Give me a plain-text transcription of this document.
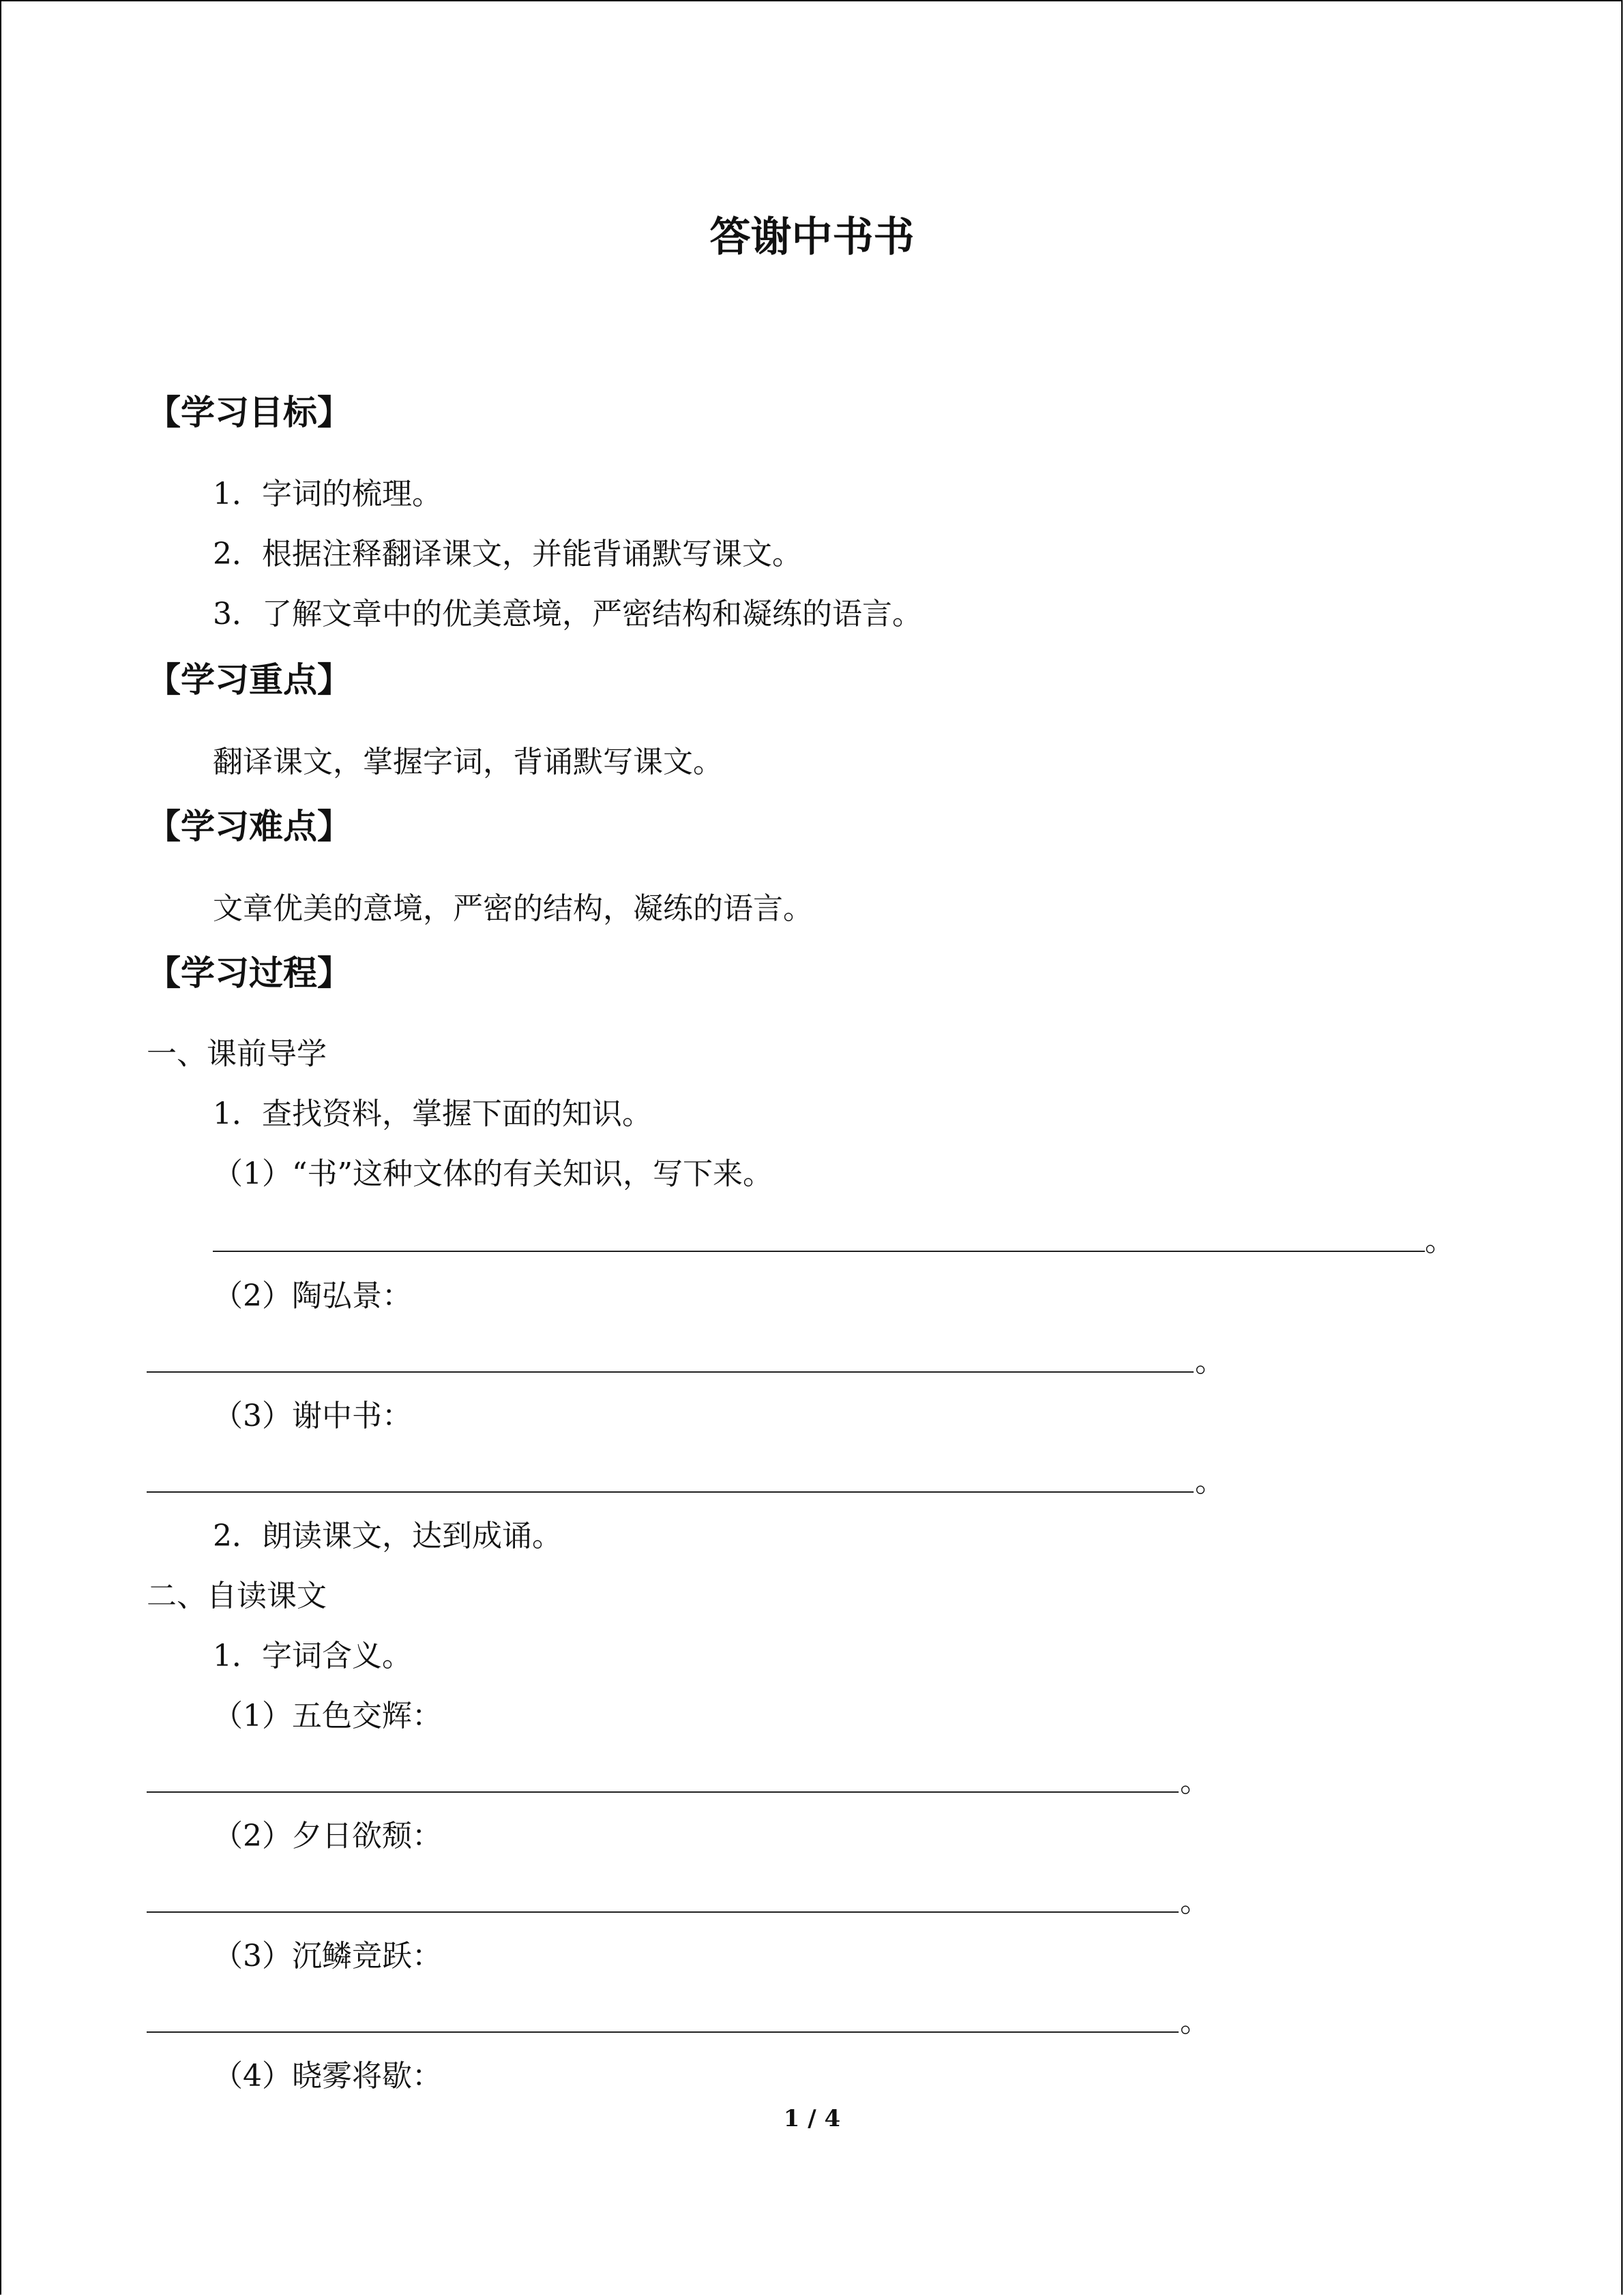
答谢中书书
【学习目标】
1．字词的梳理。
2．根据注释翻译课文，并能背诵默写课文。
3．了解文章中的优美意境，严密结构和凝练的语言。
【学习重点】
翻译课文，掌握字词，背诵默写课文。
【学习难点】
文章优美的意境，严密的结构，凝练的语言。
【学习过程】
一、课前导学
1．查找资料，掌握下面的知识。
（1）“书”这种文体的有关知识，写下来。
。
（2）陶弘景：
。
（3）谢中书：
。
2．朗读课文，达到成诵。
二、自读课文
1．字词含义。
（1）五色交辉：
。
（2）夕日欲颓：
。
（3）沉鳞竞跃：
。
（4）晓雾将歇：
1 / 4
